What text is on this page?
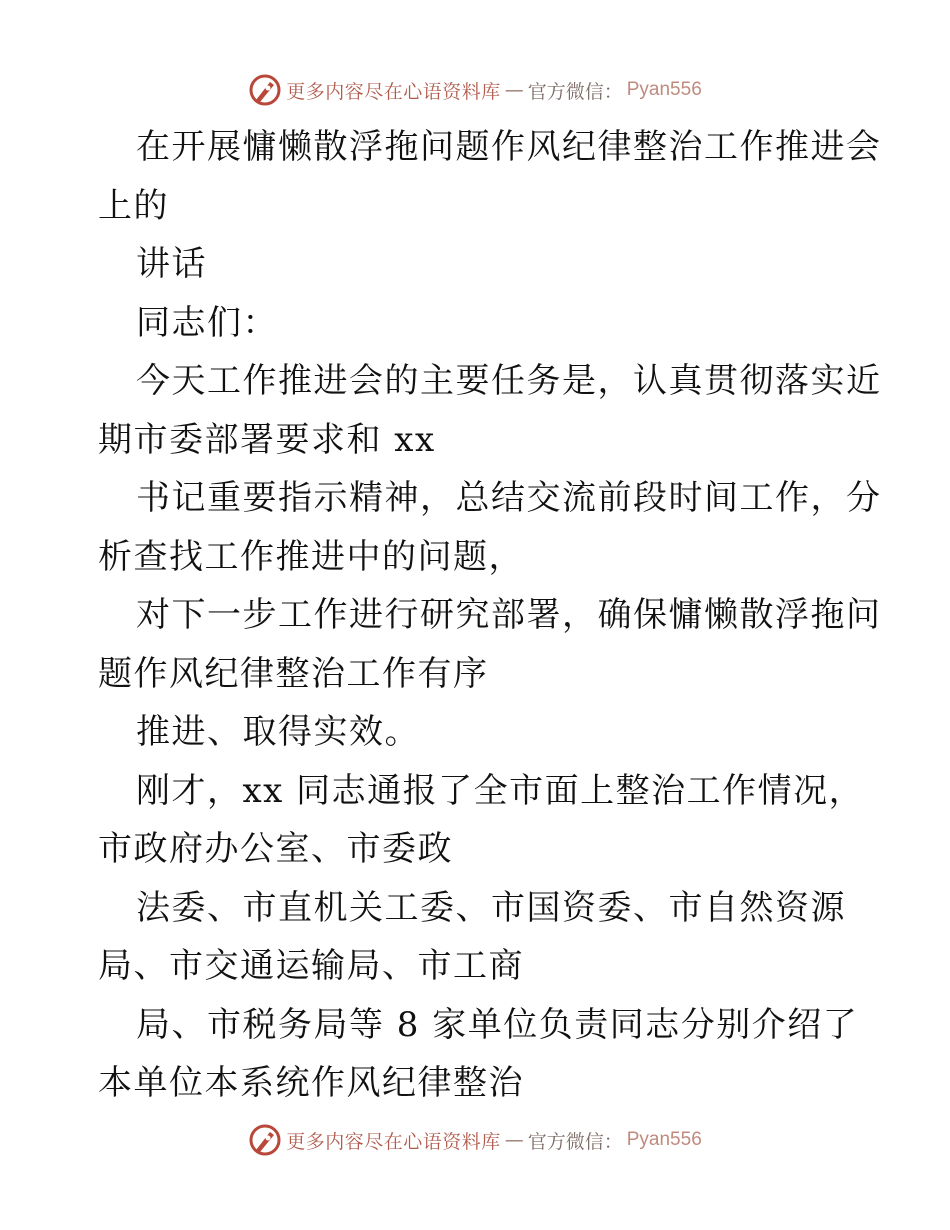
更多内容尽在心语资料库 — 官方微信： Pyan556
在开展慵懒散浮拖问题作风纪律整治工作推进会
上的
讲话
同志们：
今天工作推进会的主要任务是，认真贯彻落实近
期市委部署要求和 xx
书记重要指示精神，总结交流前段时间工作，分
析查找工作推进中的问题，
对下一步工作进行研究部署，确保慵懒散浮拖问
题作风纪律整治工作有序
推进、取得实效。
刚才，xx 同志通报了全市面上整治工作情况，
市政府办公室、市委政
法委、市直机关工委、市国资委、市自然资源
局、市交通运输局、市工商
局、市税务局等 8 家单位负责同志分别介绍了
本单位本系统作风纪律整治
更多内容尽在心语资料库 — 官方微信： Pyan556
